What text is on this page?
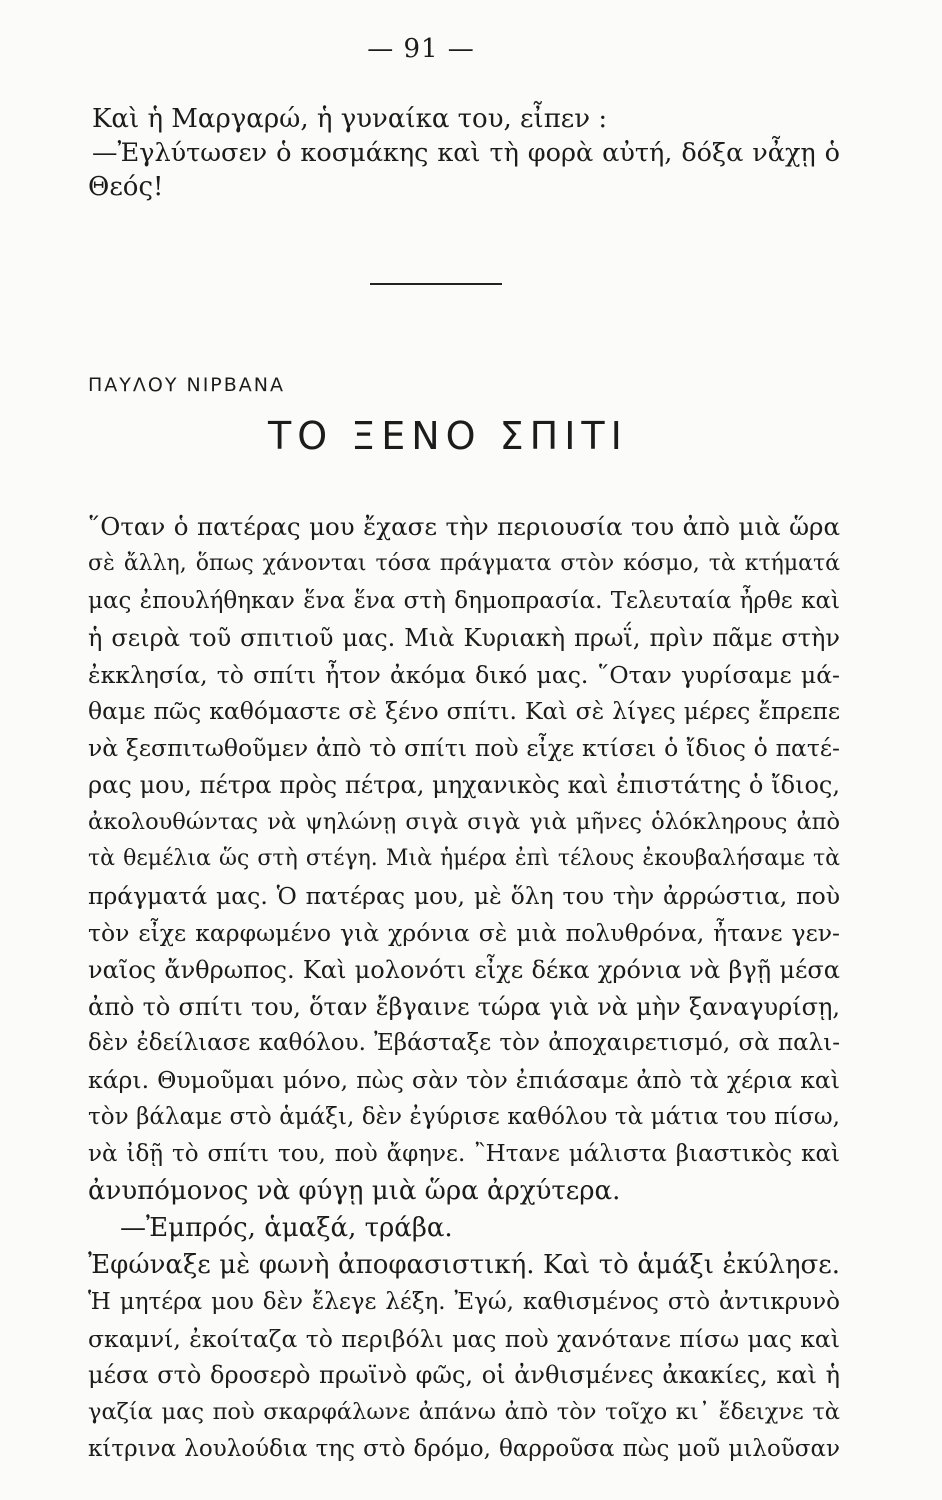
— 91 —
Καὶ ἡ Μαργαρώ, ἡ γυναίκα του, εἶπεν :
—Ἐγλύτωσεν ὁ κοσμάκης καὶ τὴ φορὰ αὐτή, δόξα νἆχῃ ὁ
Θεός!
ΠΑΥΛΟΥ ΝΙΡΒΑΝΑ
ΤΟ ΞΕΝΟ ΣΠΙΤΙ
῞Οταν ὁ πατέρας μου ἔχασε τὴν περιουσία του ἀπὸ μιὰ ὥρα
σὲ ἄλλη, ὅπως χάνονται τόσα πράγματα στὸν κόσμο, τὰ κτήματά
μας ἐπουλήθηκαν ἕνα ἕνα στὴ δημοπρασία. Τελευταία ἦρθε καὶ
ἡ σειρὰ τοῦ σπιτιοῦ μας. Μιὰ Κυριακὴ πρωΐ, πρὶν πᾶμε στὴν
ἐκκλησία, τὸ σπίτι ἦτον ἀκόμα δικό μας. ῞Οταν γυρίσαμε μά-
θαμε πῶς καθόμαστε σὲ ξένο σπίτι. Καὶ σὲ λίγες μέρες ἔπρεπε
νὰ ξεσπιτωθοῦμεν ἀπὸ τὸ σπίτι ποὺ εἶχε κτίσει ὁ ἴδιος ὁ πατέ-
ρας μου, πέτρα πρὸς πέτρα, μηχανικὸς καὶ ἐπιστάτης ὁ ἴδιος,
ἀκολουθώντας νὰ ψηλώνῃ σιγὰ σιγὰ γιὰ μῆνες ὁλόκληρους ἀπὸ
τὰ θεμέλια ὥς στὴ στέγη. Μιὰ ἡμέρα ἐπὶ τέλους ἐκουβαλήσαμε τὰ
πράγματά μας. Ὁ πατέρας μου, μὲ ὅλη του τὴν ἀρρώστια, ποὺ
τὸν εἶχε καρφωμένο γιὰ χρόνια σὲ μιὰ πολυθρόνα, ἦτανε γεν-
ναῖος ἄνθρωπος. Καὶ μολονότι εἶχε δέκα χρόνια νὰ βγῇ μέσα
ἀπὸ τὸ σπίτι του, ὅταν ἔβγαινε τώρα γιὰ νὰ μὴν ξαναγυρίσῃ,
δὲν ἐδείλιασε καθόλου. Ἐβάσταξε τὸν ἀποχαιρετισμό, σὰ παλι-
κάρι. Θυμοῦμαι μόνο, πὼς σὰν τὸν ἐπιάσαμε ἀπὸ τὰ χέρια καὶ
τὸν βάλαμε στὸ ἁμάξι, δὲν ἐγύρισε καθόλου τὰ μάτια του πίσω,
νὰ ἰδῇ τὸ σπίτι του, ποὺ ἄφηνε. ῍Ητανε μάλιστα βιαστικὸς καὶ
ἀνυπόμονος νὰ φύγῃ μιὰ ὥρα ἀρχύτερα.
—Ἐμπρός, ἁμαξά, τράβα.
Ἐφώναξε μὲ φωνὴ ἀποφασιστική. Καὶ τὸ ἁμάξι ἐκύλησε.
Ἡ μητέρα μου δὲν ἔλεγε λέξη. Ἐγώ, καθισμένος στὸ ἀντικρυνὸ
σκαμνί, ἐκοίταζα τὸ περιβόλι μας ποὺ χανότανε πίσω μας καὶ
μέσα στὸ δροσερὸ πρωϊνὸ φῶς, οἱ ἀνθισμένες ἀκακίες, καὶ ἡ
γαζία μας ποὺ σκαρφάλωνε ἀπάνω ἀπὸ τὸν τοῖχο κι᾽ ἔδειχνε τὰ
κίτρινα λουλούδια της στὸ δρόμο, θαρροῦσα πὼς μοῦ μιλοῦσαν
